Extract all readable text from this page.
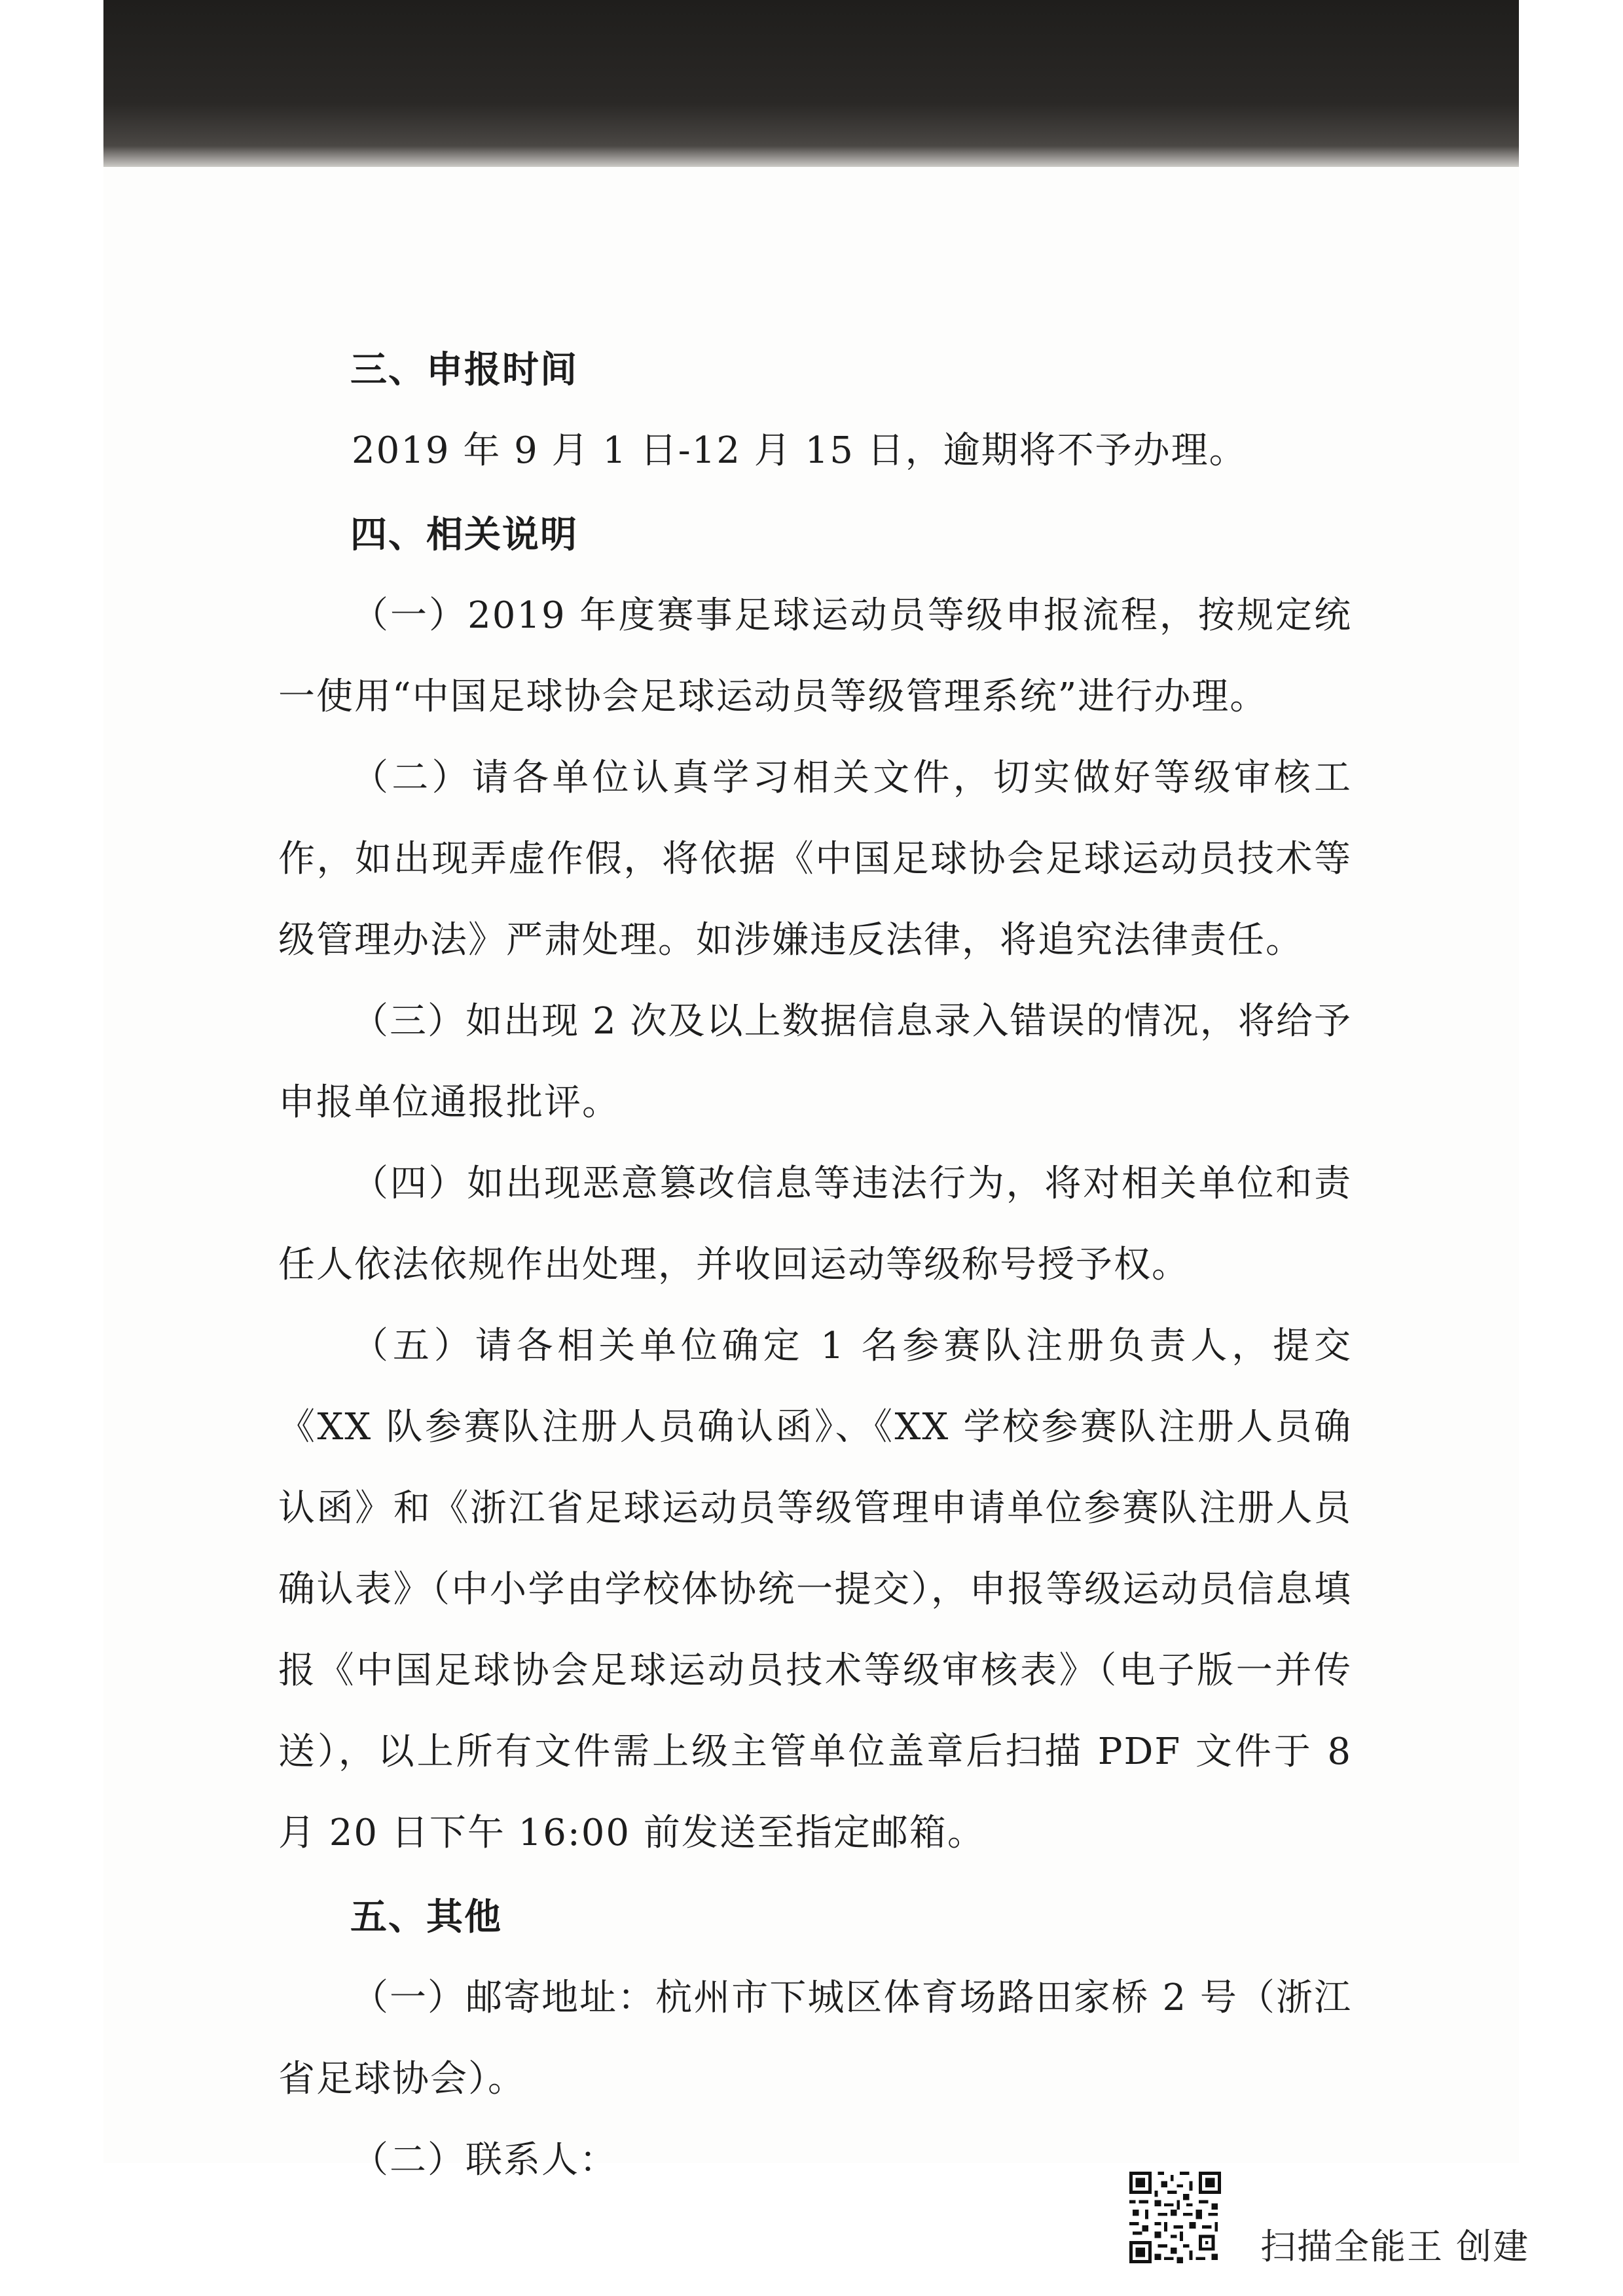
三、申报时间

2019 年 9 月 1 日-12 月 15 日，逾期将不予办理。

四、相关说明

（一）2019 年度赛事足球运动员等级申报流程，按规定统一使用“中国足球协会足球运动员等级管理系统”进行办理。

（二）请各单位认真学习相关文件，切实做好等级审核工作，如出现弄虚作假，将依据《中国足球协会足球运动员技术等级管理办法》严肃处理。如涉嫌违反法律，将追究法律责任。

（三）如出现 2 次及以上数据信息录入错误的情况，将给予申报单位通报批评。

（四）如出现恶意篡改信息等违法行为，将对相关单位和责任人依法依规作出处理，并收回运动等级称号授予权。

（五）请各相关单位确定 1 名参赛队注册负责人，提交《XX 队参赛队注册人员确认函》、《XX 学校参赛队注册人员确认函》和《浙江省足球运动员等级管理申请单位参赛队注册人员确认表》（中小学由学校体协统一提交），申报等级运动员信息填报《中国足球协会足球运动员技术等级审核表》（电子版一并传送），以上所有文件需上级主管单位盖章后扫描 PDF 文件于 8 月 20 日下午 16:00 前发送至指定邮箱。

五、其他

（一）邮寄地址：杭州市下城区体育场路田家桥 2 号（浙江省足球协会）。

（二）联系人：

扫描全能王 创建
